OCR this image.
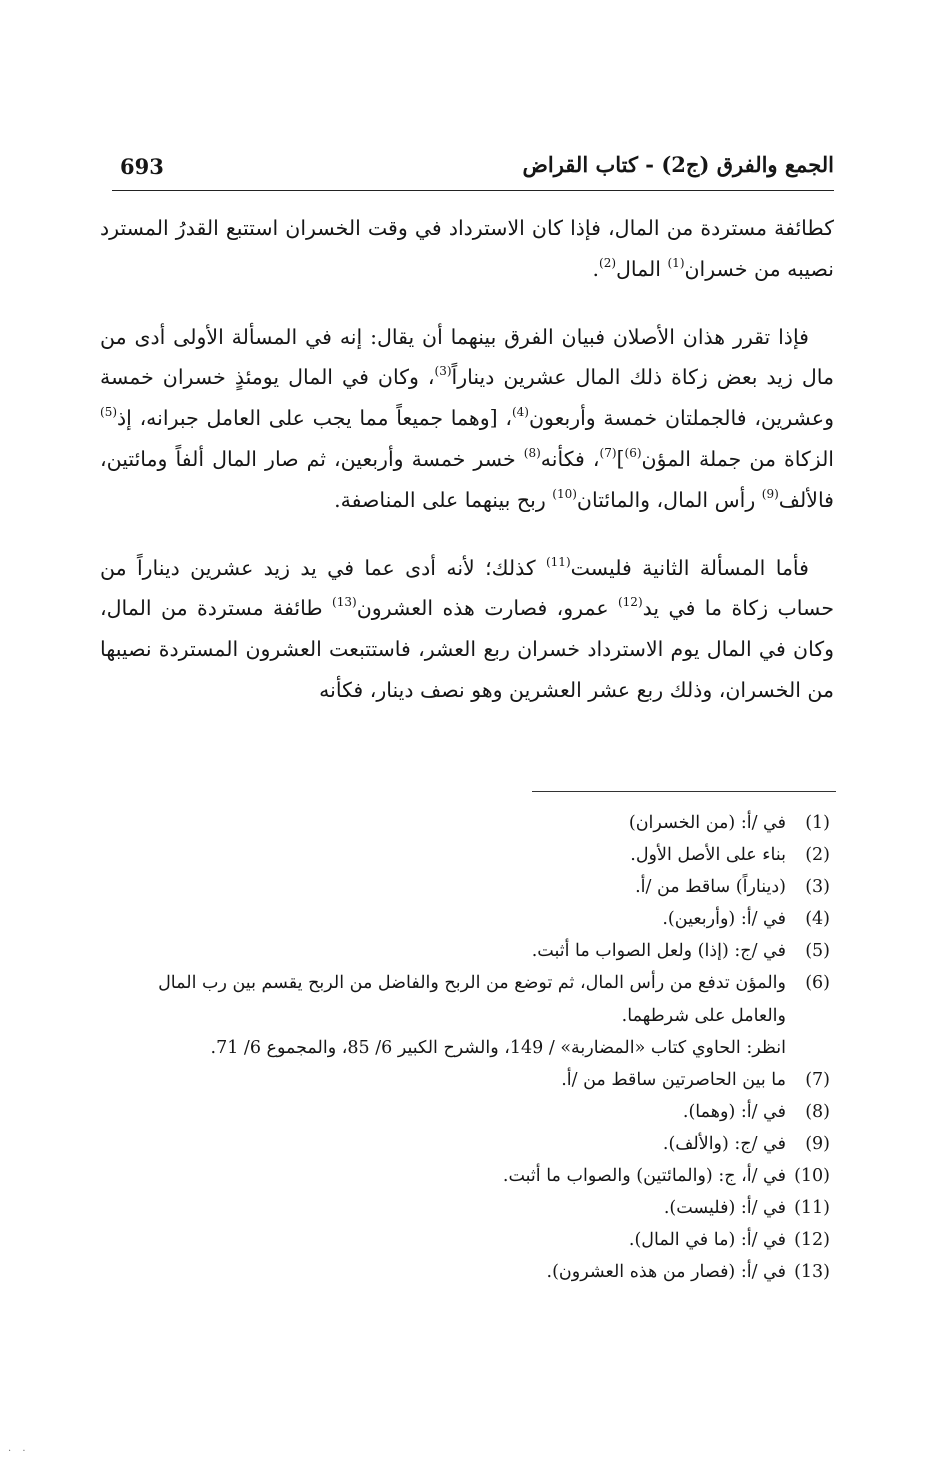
693	الجمع والفرق (ج2) - كتاب القراض

كطائفة مستردة من المال، فإذا كان الاسترداد في وقت الخسران استتبع القدرُ المسترد نصيبه من خسران$^{(1)}$ المال$^{(2)}$.

فإذا تقرر هذان الأصلان فبيان الفرق بينهما أن يقال: إنه في المسألة الأولى أدى من مال زيد بعض زكاة ذلك المال عشرين ديناراً$^{(3)}$، وكان في المال يومئذٍ خسران خمسة وعشرين، فالجملتان خمسة وأربعون$^{(4)}$، [وهما جميعاً مما يجب على العامل جبرانه، إذ$^{(5)}$ الزكاة من جملة المؤن$^{(6)}$]$^{(7)}$، فكأنه$^{(8)}$ خسر خمسة وأربعين، ثم صار المال ألفاً ومائتين، فالألف$^{(9)}$ رأس المال، والمائتان$^{(10)}$ ربح بينهما على المناصفة.

فأما المسألة الثانية فليست$^{(11)}$ كذلك؛ لأنه أدى عما في يد زيد عشرين ديناراً من حساب زكاة ما في يد$^{(12)}$ عمرو، فصارت هذه العشرون$^{(13)}$ طائفة مستردة من المال، وكان في المال يوم الاسترداد خسران ربع العشر، فاستتبعت العشرون المستردة نصيبها من الخسران، وذلك ربع عشر العشرين وهو نصف دينار، فكأنه

(1)
في /أ: (من الخسران)
(2)
بناء على الأصل الأول.
(3)
(ديناراً) ساقط من /أ.
(4)
في /أ: (وأربعين).
(5)
في /ج: (إذا) ولعل الصواب ما أثبت.
(6)
والمؤن تدفع من رأس المال، ثم توضع من الربح والفاضل من الربح يقسم بين رب المال والعامل على شرطهما.
انظر: الحاوي كتاب «المضاربة» / 149، والشرح الكبير 6/ 85، والمجموع 6/ 71.
(7)
ما بين الحاصرتين ساقط من /أ.
(8)
في /أ: (وهما).
(9)
في /ج: (والألف).
(10)
في /أ، ج: (والمائتين) والصواب ما أثبت.
(11)
في /أ: (فليست).
(12)
في /أ: (ما في المال).
(13)
في /أ: (فصار من هذه العشرون).
· ·
